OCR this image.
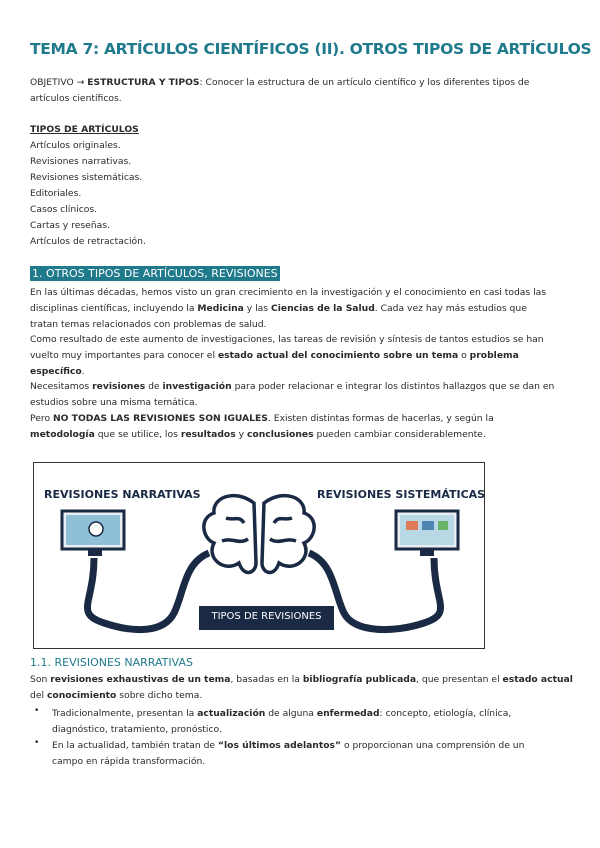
TEMA 7: ARTÍCULOS CIENTÍFICOS (II). OTROS TIPOS DE ARTÍCULOS
OBJETIVO → ESTRUCTURA Y TIPOS: Conocer la estructura de un artículo científico y los diferentes tipos de
artículos científicos.
TIPOS DE ARTÍCULOS
Artículos originales.
Revisiones narrativas.
Revisiones sistemáticas.
Editoriales.
Casos clínicos.
Cartas y reseñas.
Artículos de retractación.
1. OTROS TIPOS DE ARTÍCULOS, REVISIONES
En las últimas décadas, hemos visto un gran crecimiento en la investigación y el conocimiento en casi todas las
disciplinas científicas, incluyendo la Medicina y las Ciencias de la Salud. Cada vez hay más estudios que
tratan temas relacionados con problemas de salud.
Como resultado de este aumento de investigaciones, las tareas de revisión y síntesis de tantos estudios se han
vuelto muy importantes para conocer el estado actual del conocimiento sobre un tema o problema
específico.
Necesitamos revisiones de investigación para poder relacionar e integrar los distintos hallazgos que se dan en
estudios sobre una misma temática.
Pero NO TODAS LAS REVISIONES SON IGUALES. Existen distintas formas de hacerlas, y según la
metodología que se utilice, los resultados y conclusiones pueden cambiar considerablemente.
REVISIONES NARRATIVAS	REVISIONES SISTEMÁTICAS
TIPOS DE REVISIONES
1.1. REVISIONES NARRATIVAS
Son revisiones exhaustivas de un tema, basadas en la bibliografía publicada, que presentan el estado actual
del conocimiento sobre dicho tema.
• Tradicionalmente, presentan la actualización de alguna enfermedad: concepto, etiología, clínica,
diagnóstico, tratamiento, pronóstico.
• En la actualidad, también tratan de “los últimos adelantos” o proporcionan una comprensión de un
campo en rápida transformación.
